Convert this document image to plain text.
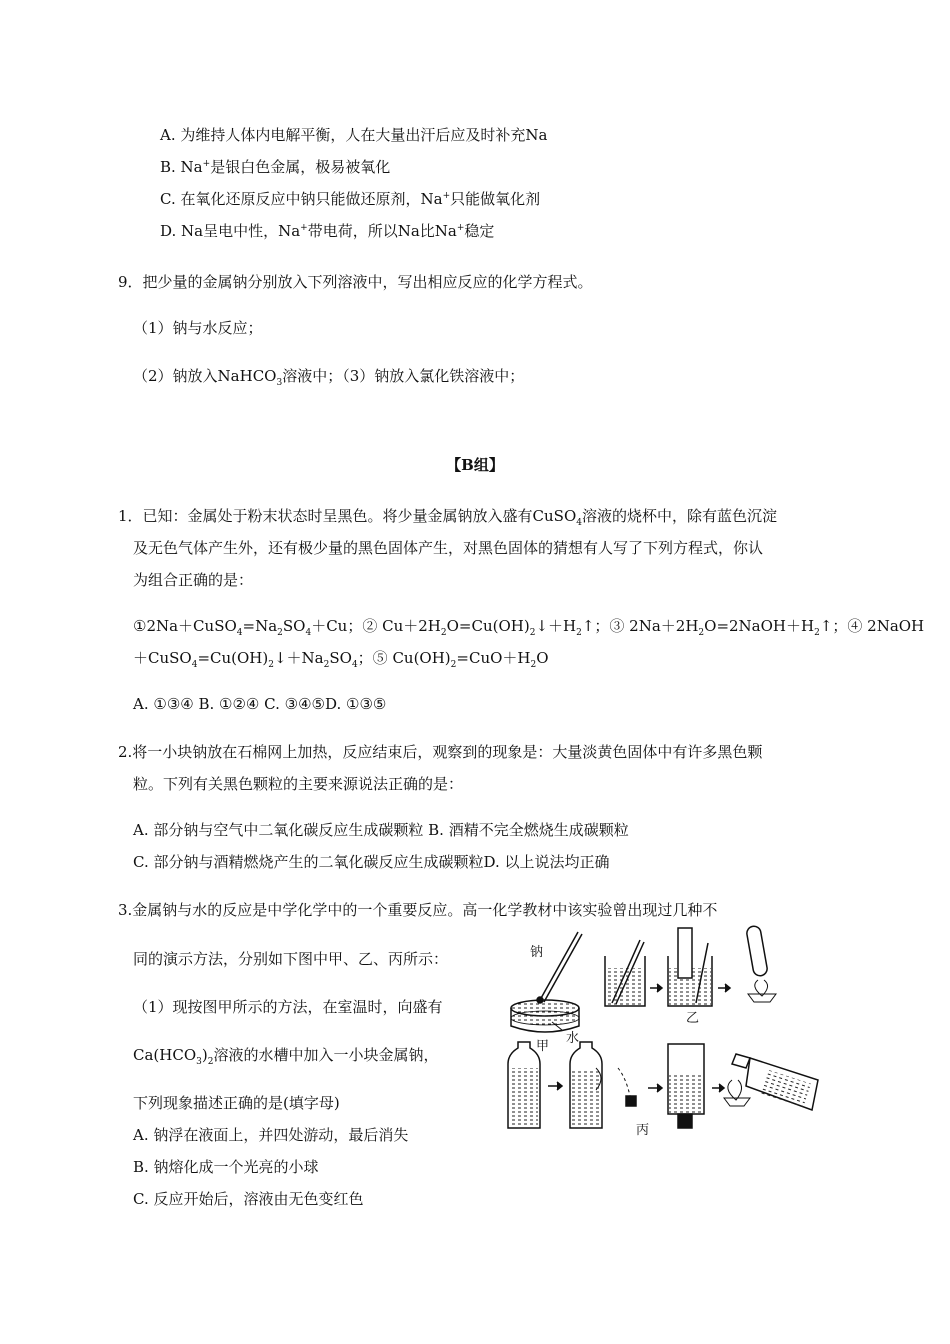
A. 为维持人体内电解平衡，人在大量出汗后应及时补充Na
B. Na+是银白色金属，极易被氧化
C. 在氧化还原反应中钠只能做还原剂，Na+只能做氧化剂
D. Na呈电中性，Na+带电荷，所以Na比Na+稳定
9．把少量的金属钠分别放入下列溶液中，写出相应反应的化学方程式。
（1）钠与水反应；
（2）钠放入NaHCO$_3$溶液中；（3）钠放入氯化铁溶液中；
【B组】
1．已知：金属处于粉末状态时呈黑色。将少量金属钠放入盛有CuSO$_4$溶液的烧杯中，除有蓝色沉淀
及无色气体产生外，还有极少量的黑色固体产生，对黑色固体的猜想有人写了下列方程式，你认
为组合正确的是：
$①2Na+CuSO_4=Na_2SO_4+Cu$；② $Cu+2H_2O=Cu(OH)_2↓+H_2↑$；③ $2Na+2H_2O=2NaOH+H_2↑$；④ 2NaOH
$+CuSO_4=Cu(OH)_2↓+Na_2SO_4$；⑤ $Cu(OH)_2=CuO+H_2O$
A. ①③④ B. ①②④ C. ③④⑤D. ①③⑤
2.将一小块钠放在石棉网上加热，反应结束后，观察到的现象是：大量淡黄色固体中有许多黑色颗
粒。下列有关黑色颗粒的主要来源说法正确的是：
A. 部分钠与空气中二氧化碳反应生成碳颗粒 B. 酒精不完全燃烧生成碳颗粒
C. 部分钠与酒精燃烧产生的二氧化碳反应生成碳颗粒D. 以上说法均正确
3.金属钠与水的反应是中学化学中的一个重要反应。高一化学教材中该实验曾出现过几种不
同的演示方法，分别如下图中甲、乙、丙所示：
（1）现按图甲所示的方法，在室温时，向盛有
$Ca(HCO_3)_2$溶液的水槽中加入一小块金属钠，
下列现象描述正确的是(填字母)
A. 钠浮在液面上，并四处游动，最后消失
B. 钠熔化成一个光亮的小球
C. 反应开始后，溶液由无色变红色
钠
水
甲
乙
丙
